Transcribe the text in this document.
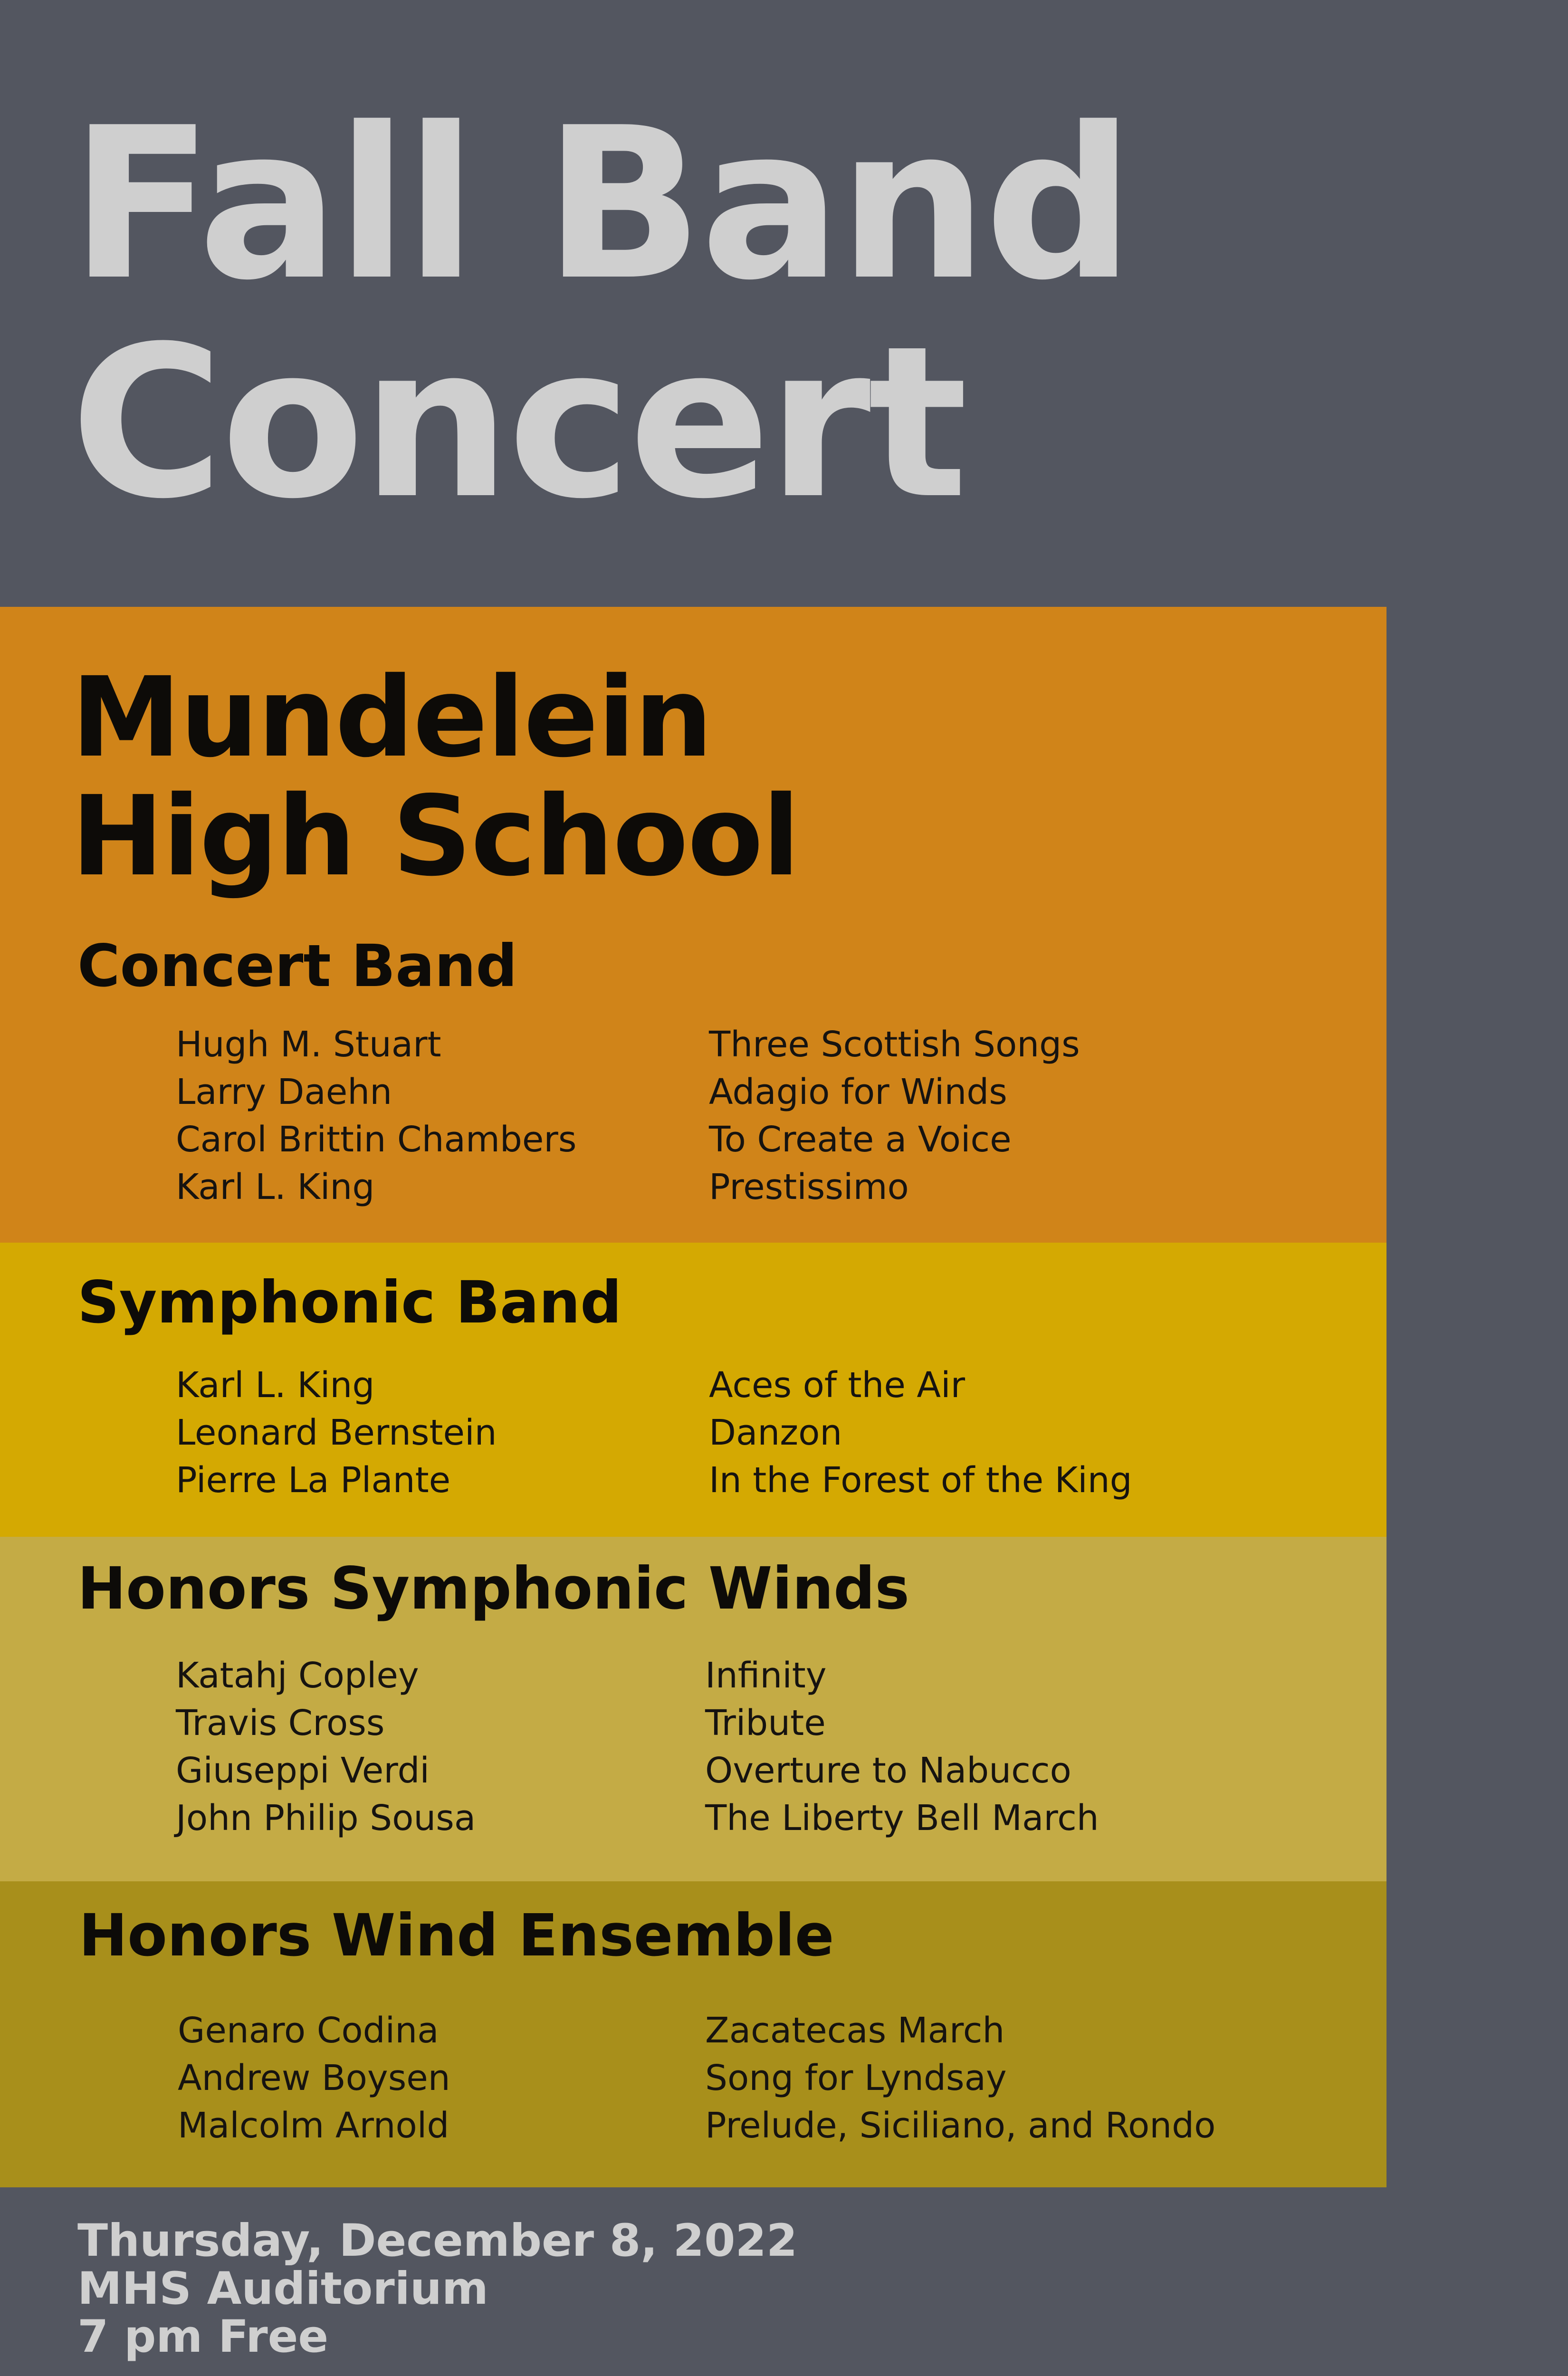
Fall Band
Concert
Mundelein
High School
Concert Band
Hugh M. Stuart	Three Scottish Songs
Larry Daehn	Adagio for Winds
Carol Brittin Chambers	To Create a Voice
Karl L. King	Prestissimo
Symphonic Band
Karl L. King	Aces of the Air
Leonard Bernstein	Danzon
Pierre La Plante	In the Forest of the King
Honors Symphonic Winds
Katahj Copley	Infinity
Travis Cross	Tribute
Giuseppi Verdi	Overture to Nabucco
John Philip Sousa	The Liberty Bell March
Honors Wind Ensemble
Genaro Codina	Zacatecas March
Andrew Boysen	Song for Lyndsay
Malcolm Arnold	Prelude, Siciliano, and Rondo
Thursday, December 8, 2022
MHS Auditorium
7 pm Free
